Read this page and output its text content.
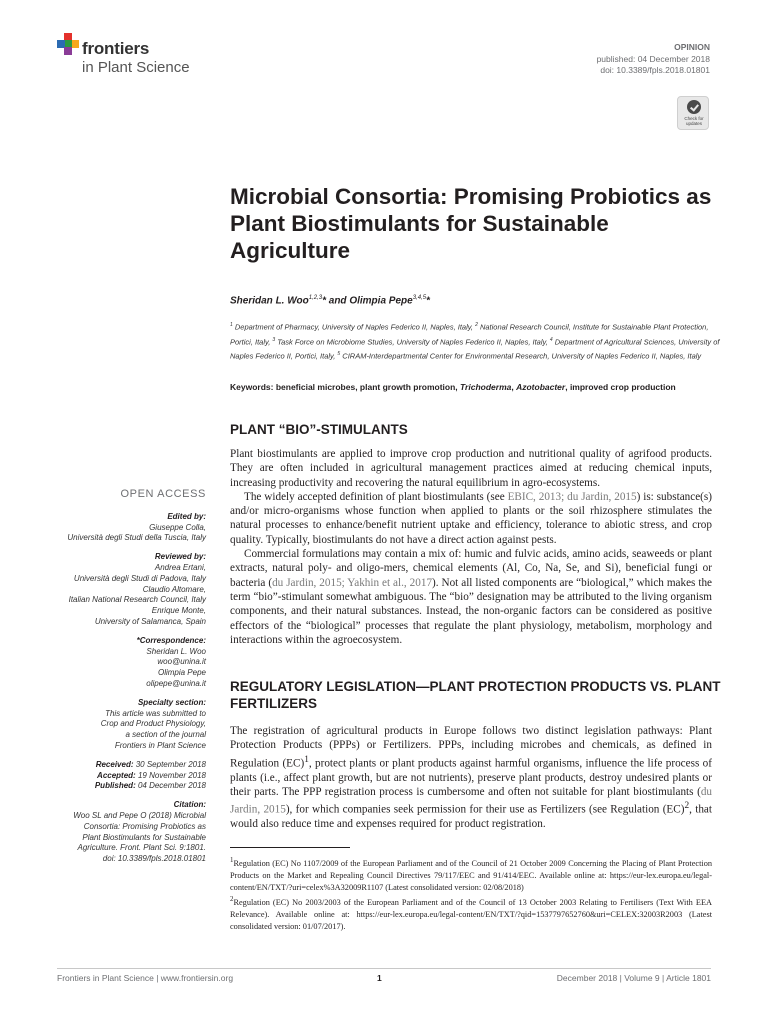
frontiers
in Plant Science
OPINION
published: 04 December 2018
doi: 10.3389/fpls.2018.01801
Check for updates
Microbial Consortia: Promising Probiotics as Plant Biostimulants for Sustainable Agriculture
Sheridan L. Woo$^{1,2,3}$* and Olimpia Pepe$^{3,4,5}$*
$^1$ Department of Pharmacy, University of Naples Federico II, Naples, Italy, $^2$ National Research Council, Institute for Sustainable Plant Protection, Portici, Italy, $^3$ Task Force on Microbiome Studies, University of Naples Federico II, Naples, Italy, $^4$ Department of Agricultural Sciences, University of Naples Federico II, Portici, Italy, $^5$ CIRAM-Interdepartmental Center for Environmental Research, University of Naples Federico II, Naples, Italy
Keywords: beneficial microbes, plant growth promotion, Trichoderma, Azotobacter, improved crop production
PLANT “BIO”-STIMULANTS

Plant biostimulants are applied to improve crop production and nutritional quality of agrifood products. They are often included in agricultural management practices aimed at reducing chemical inputs, increasing productivity and recovering the natural equilibrium in agro-ecosystems.

The widely accepted definition of plant biostimulants (see EBIC, 2013; du Jardin, 2015) is: substance(s) and/or micro-organisms whose function when applied to plants or the soil rhizosphere stimulates the natural processes to enhance/benefit nutrient uptake and efficiency, tolerance to abiotic stress, and crop quality. Typically, biostimulants do not have a direct action against pests.

Commercial formulations may contain a mix of: humic and fulvic acids, amino acids, seaweeds or plant extracts, natural poly- and oligo-mers, chemical elements (Al, Co, Na, Se, and Si), beneficial fungi or bacteria (du Jardin, 2015; Yakhin et al., 2017). Not all listed components are “biological,” which makes the term “bio”-stimulant somewhat ambiguous. The “bio” designation may be attributed to the living organism components, and their natural substances. Instead, the non-organic factors can be considered as positive effectors of the “biological” processes that regulate the plant physiology, metabolism, morphology and interactions within the agroecosystem.

REGULATORY LEGISLATION—PLANT PROTECTION PRODUCTS VS. PLANT FERTILIZERS

The registration of agricultural products in Europe follows two distinct legislation pathways: Plant Protection Products (PPPs) or Fertilizers. PPPs, including microbes and chemicals, as defined in Regulation (EC)$^1$, protect plants or plant products against harmful organisms, influence the life process of plants (i.e., affect plant growth, but are not nutrients), preserve plant products, destroy undesired plants or their parts. The PPP registration process is cumbersome and often not suitable for plant biostimulants (du Jardin, 2015), for which companies seek permission for their use as Fertilizers (see Regulation (EC)$^2$, that would also reduce time and expenses required for product registration.

$^1$Regulation (EC) No 1107/2009 of the European Parliament and of the Council of 21 October 2009 Concerning the Placing of Plant Protection Products on the Market and Repealing Council Directives 79/117/EEC and 91/414/EEC. Available online at: https://eur-lex.europa.eu/legal-content/EN/TXT/?uri=celex%3A32009R1107 (Latest consolidated version: 02/08/2018)

$^2$Regulation (EC) No 2003/2003 of the European Parliament and of the Council of 13 October 2003 Relating to Fertilisers (Text With EEA Relevance). Available online at: https://eur-lex.europa.eu/legal-content/EN/TXT/?qid=1537797652760&uri=CELEX:32003R2003 (Latest consolidated version: 01/07/2017).

OPEN ACCESS
Edited by:
Giuseppe Colla,
Università degli Studi della Tuscia, Italy
Reviewed by:
Andrea Ertani,
Università degli Studi di Padova, Italy
Claudio Altomare,
Italian National Research Council, Italy
Enrique Monte,
University of Salamanca, Spain
*Correspondence:
Sheridan L. Woo
woo@unina.it
Olimpia Pepe
olipepe@unina.it
Specialty section:
This article was submitted to
Crop and Product Physiology,
a section of the journal
Frontiers in Plant Science
Received: 30 September 2018
Accepted: 19 November 2018
Published: 04 December 2018
Citation:
Woo SL and Pepe O (2018) Microbial
Consortia: Promising Probiotics as
Plant Biostimulants for Sustainable
Agriculture. Front. Plant Sci. 9:1801.
doi: 10.3389/fpls.2018.01801
Frontiers in Plant Science | www.frontiersin.org	1	December 2018 | Volume 9 | Article 1801
